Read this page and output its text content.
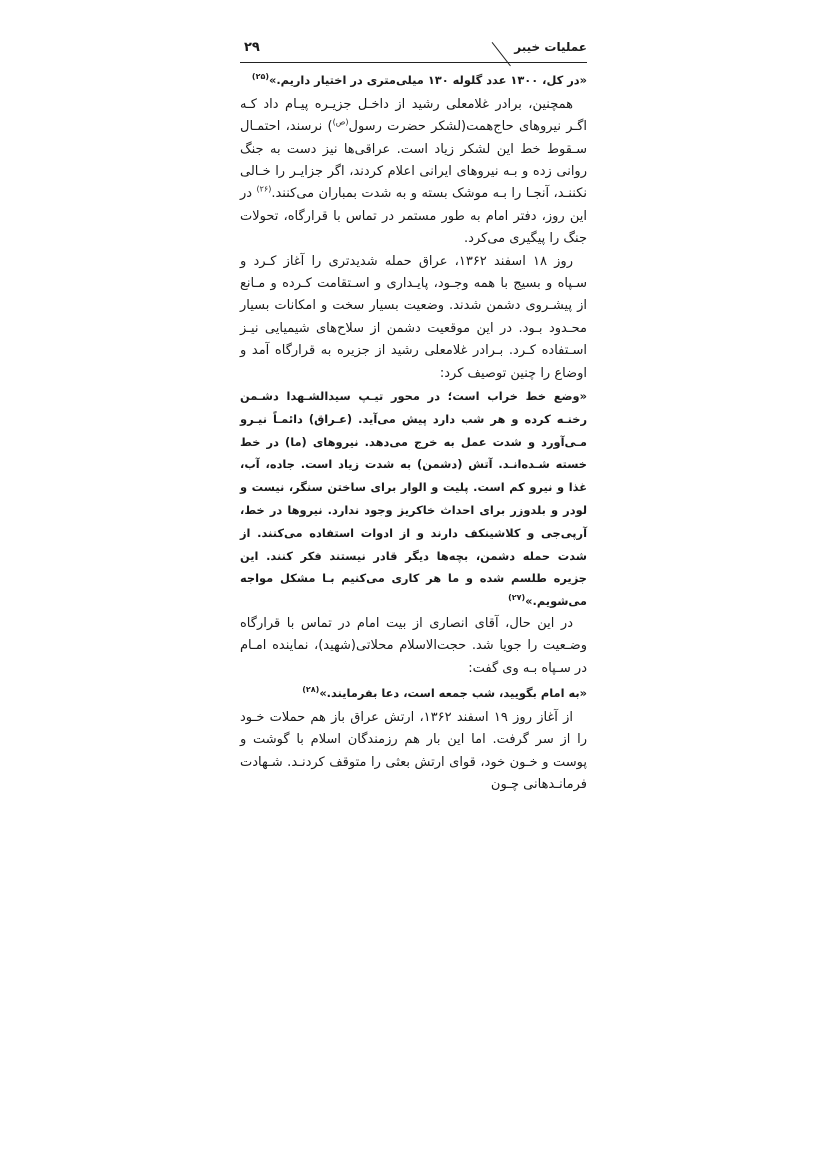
عملیات خیبر
۲۹

«در کل، ۱۳۰۰ عدد گلوله ۱۳۰ میلی‌متری در اختیار داریم.»$^{(۲۵)}$

همچنین، برادر غلامعلی رشید از داخـل جزیـره پیـام داد کـه اگـر نیروهای حاج‌همت(لشکر حضرت رسول$^{(ص)}$) نرسند، احتمـال سـقوط خط این لشکر زیاد است. عراقی‌ها نیز دست به جنگ روانی زده و بـه نیروهای ایرانی اعلام کردند، اگر جزایـر را خـالی نکننـد، آنجـا را بـه موشک بسته و به شدت بمباران می‌کنند.$^{(۲۶)}$ در این روز، دفتر امام به طور مستمر در تماس با قرارگاه، تحولات جنگ را پیگیری می‌کرد.

روز ۱۸ اسفند ۱۳۶۲، عراق حمله شدیدتری را آغاز کـرد و سـپاه و بسیج با همه وجـود، پایـداری و اسـتقامت کـرده و مـانع از پیشـروی دشمن شدند. وضعیت بسیار سخت و امکانات بسیار محـدود بـود. در این موقعیت دشمن از سلاح‌های شیمیایی نیـز اسـتفاده کـرد. بـرادر غلامعلی رشید از جزیره به قرارگاه آمد و اوضاع را چنین توصیف کرد:

«وضع خط خراب است؛ در محور تیـپ سیدالشـهدا دشـمن رخنـه کرده و هر شب دارد پیش می‌آید. (عـراق) دائمـاً نیـرو مـی‌آورد و شدت عمل به خرج می‌دهد. نیروهای (ما) در خط خسته شـده‌انـد. آتش (دشمن) به شدت زیاد است. جاده، آب، غذا و نیرو کم است. پلیت و الوار برای ساختن سنگر، نیست و لودر و بلدوزر برای احداث خاکریز وجود ندارد. نیروها در خط، آرپی‌جی و کلاشینکف دارند و از ادوات استفاده می‌کنند. از شدت حمله دشمن، بچه‌ها دیگر قادر نیستند فکر کنند. این جزیره طلسم شده و ما هر کاری می‌کنیم بـا مشکل مواجه می‌شویم.»$^{(۲۷)}$

در این حال، آقای انصاری از بیت امام در تماس با قرارگاه وضـعیت را جویا شد. حجت‌الاسلام محلاتی(شهید)، نماینده امـام در سـپاه بـه وی گفت:

«به امام بگویید، شب جمعه است، دعا بفرمایند.»$^{(۲۸)}$

از آغاز روز ۱۹ اسفند ۱۳۶۲، ارتش عراق باز هم حملات خـود را از سر گرفت. اما این بار هم رزمندگان اسلام با گوشت و پوست و خـون خود، قوای ارتش بعثی را متوقف کردنـد. شـهادت فرمانـدهانی چـون
